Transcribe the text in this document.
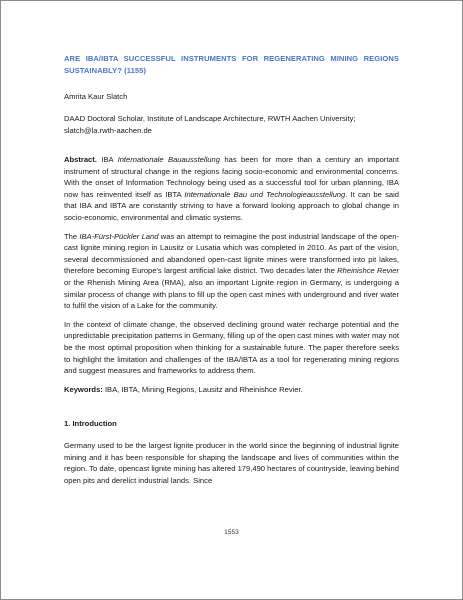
ARE IBA/IBTA SUCCESSFUL INSTRUMENTS FOR REGENERATING MINING REGIONS SUSTAINABLY? (1155)

Amrita Kaur Slatch

DAAD Doctoral Scholar, Institute of Landscape Architecture, RWTH Aachen University; slatch@la.rwth-aachen.de

Abstract. IBA Internationale Bauausstellung has been for more than a century an important instrument of structural change in the regions facing socio-economic and environmental concerns. With the onset of Information Technology being used as a successful tool for urban planning, IBA now has reinvented itself as IBTA Internationale Bau und Technologieausstellung. It can be said that IBA and IBTA are constantly striving to have a forward looking approach to global change in socio-economic, environmental and climatic systems.

The IBA-Fürst-Pückler Land was an attempt to reimagine the post industrial landscape of the open-cast lignite mining region in Lausitz or Lusatia which was completed in 2010. As part of the vision, several decommissioned and abandoned open-cast lignite mines were transformed into pit lakes, therefore becoming Europe's largest artificial lake district. Two decades later the Rheinishce Revier or the Rhenish Mining Area (RMA), also an important Lignite region in Germany, is undergoing a similar process of change with plans to fill up the open cast mines with underground and river water to fulfil the vision of a Lake for the community.

In the context of climate change, the observed declining ground water recharge potential and the unpredictable precipitation patterns in Germany, filling up of the open cast mines with water may not be the most optimal proposition when thinking for a sustainable future. The paper therefore seeks to highlight the limitation and challenges of the IBA/IBTA as a tool for regenerating mining regions and suggest measures and frameworks to address them.

Keywords: IBA, IBTA, Mining Regions, Lausitz and Rheinishce Revier.

1. Introduction

Germany used to be the largest lignite producer in the world since the beginning of industrial lignite mining and it has been responsible for shaping the landscape and lives of communities within the region. To date, opencast lignite mining has altered 179,490 hectares of countryside, leaving behind open pits and derelict industrial lands. Since

1553
